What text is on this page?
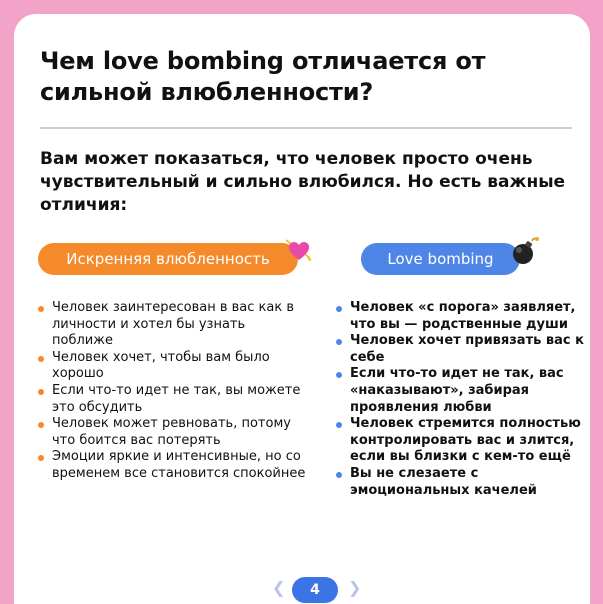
Чем love bombing отличается от сильной влюбленности?
Вам может показаться, что человек просто очень чувствительный и сильно влюбился. Но есть важные отличия:
Искренняя влюбленность	Love bombing
Человек заинтересован в вас как в личности и хотел бы узнать поближе
Человек хочет, чтобы вам было хорошо
Если что-то идет не так, вы можете это обсудить
Человек может ревновать, потому что боится вас потерять
Эмоции яркие и интенсивные, но со временем все становится спокойнее
Человек «с порога» заявляет, что вы — родственные души
Человек хочет привязать вас к себе
Если что-то идет не так, вас «наказывают», забирая проявления любви
Человек стремится полностью контролировать вас и злится, если вы близки с кем-то ещё
Вы не слезаете с эмоциональных качелей
❮	4	❯
